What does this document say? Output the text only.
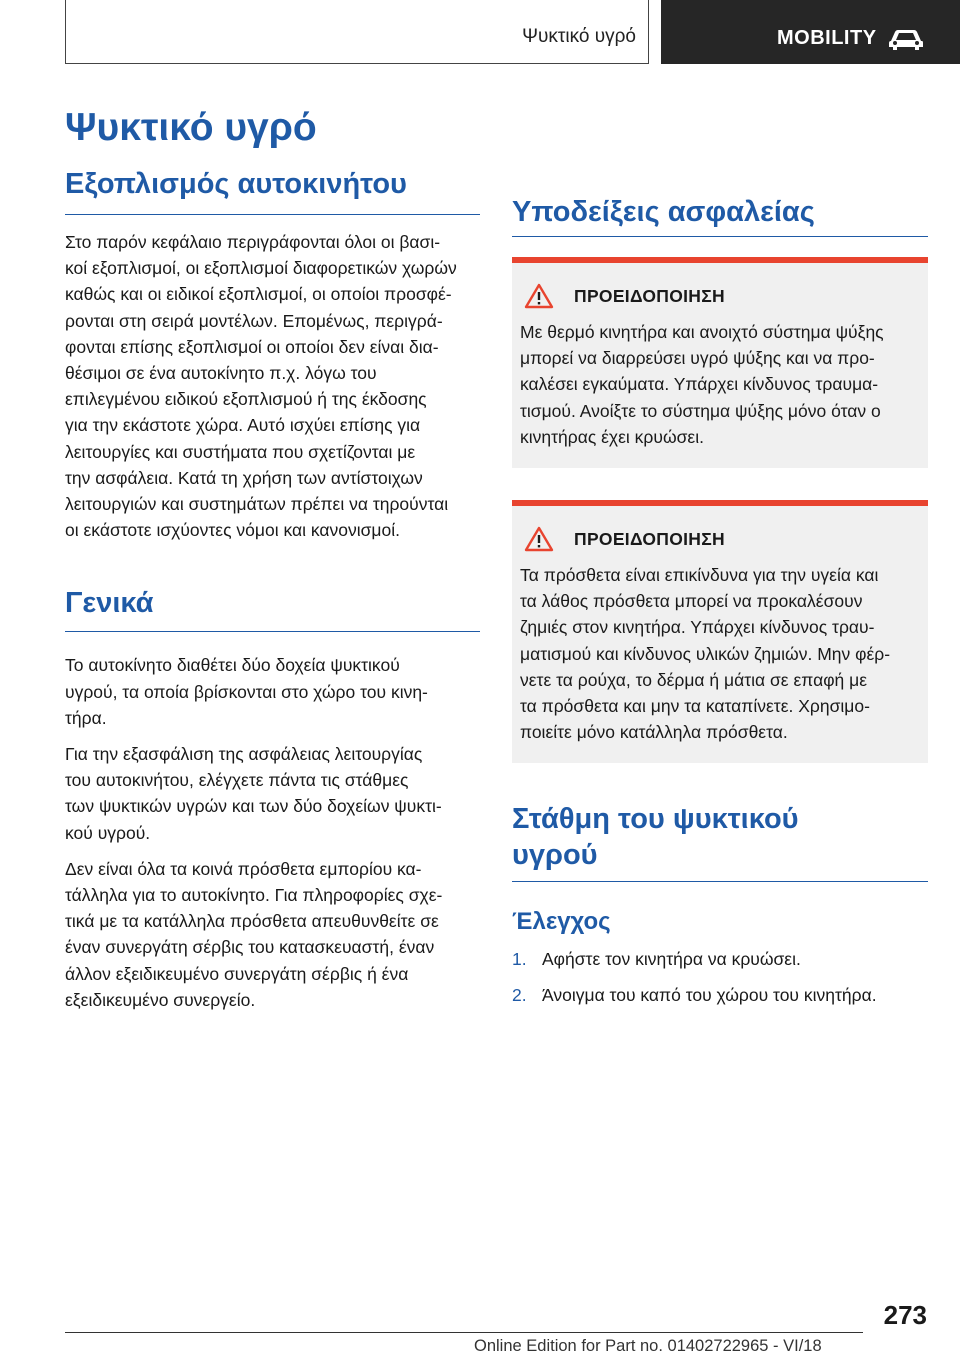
Ψυκτικό υγρό	MOBILITY
Ψυκτικό υγρό
Εξοπλισμός αυτοκινήτου

Στο παρόν κεφάλαιο περιγράφονται όλοι οι βασι‐
κοί εξοπλισμοί, οι εξοπλισμοί διαφορετικών χωρών
καθώς και οι ειδικοί εξοπλισμοί, οι οποίοι προσφέ‐
ρονται στη σειρά μοντέλων. Επομένως, περιγρά‐
φονται επίσης εξοπλισμοί οι οποίοι δεν είναι δια‐
θέσιμοι σε ένα αυτοκίνητο π.χ. λόγω του
επιλεγμένου ειδικού εξοπλισμού ή της έκδοσης
για την εκάστοτε χώρα. Αυτό ισχύει επίσης για
λειτουργίες και συστήματα που σχετίζονται με
την ασφάλεια. Κατά τη χρήση των αντίστοιχων
λειτουργιών και συστημάτων πρέπει να τηρούνται
οι εκάστοτε ισχύοντες νόμοι και κανονισμοί.

Γενικά

Το αυτοκίνητο διαθέτει δύο δοχεία ψυκτικού
υγρού, τα οποία βρίσκονται στο χώρο του κινη‐
τήρα.

Για την εξασφάλιση της ασφάλειας λειτουργίας
του αυτοκινήτου, ελέγχετε πάντα τις στάθμες
των ψυκτικών υγρών και των δύο δοχείων ψυκτι‐
κού υγρού.

Δεν είναι όλα τα κοινά πρόσθετα εμπορίου κα‐
τάλληλα για το αυτοκίνητο. Για πληροφορίες σχε‐
τικά με τα κατάλληλα πρόσθετα απευθυνθείτε σε
έναν συνεργάτη σέρβις του κατασκευαστή, έναν
άλλον εξειδικευμένο συνεργάτη σέρβις ή ένα
εξειδικευμένο συνεργείο.

Υποδείξεις ασφαλείας
ΠΡΟΕΙΔΟΠΟΙΗΣΗ

Με θερμό κινητήρα και ανοιχτό σύστημα ψύξης
μπορεί να διαρρεύσει υγρό ψύξης και να προ‐
καλέσει εγκαύματα. Υπάρχει κίνδυνος τραυμα‐
τισμού. Ανοίξτε το σύστημα ψύξης μόνο όταν ο
κινητήρας έχει κρυώσει.

ΠΡΟΕΙΔΟΠΟΙΗΣΗ

Τα πρόσθετα είναι επικίνδυνα για την υγεία και
τα λάθος πρόσθετα μπορεί να προκαλέσουν
ζημιές στον κινητήρα. Υπάρχει κίνδυνος τραυ‐
ματισμού και κίνδυνος υλικών ζημιών. Μην φέρ‐
νετε τα ρούχα, το δέρμα ή μάτια σε επαφή με
τα πρόσθετα και μην τα καταπίνετε. Χρησιμο‐
ποιείτε μόνο κατάλληλα πρόσθετα.

Στάθμη του ψυκτικού
υγρού
Έλεγχος
1. Αφήστε τον κινητήρα να κρυώσει.
2. Άνοιγμα του καπό του χώρου του κινητήρα.
273
Online Edition for Part no. 01402722965 - VI/18
